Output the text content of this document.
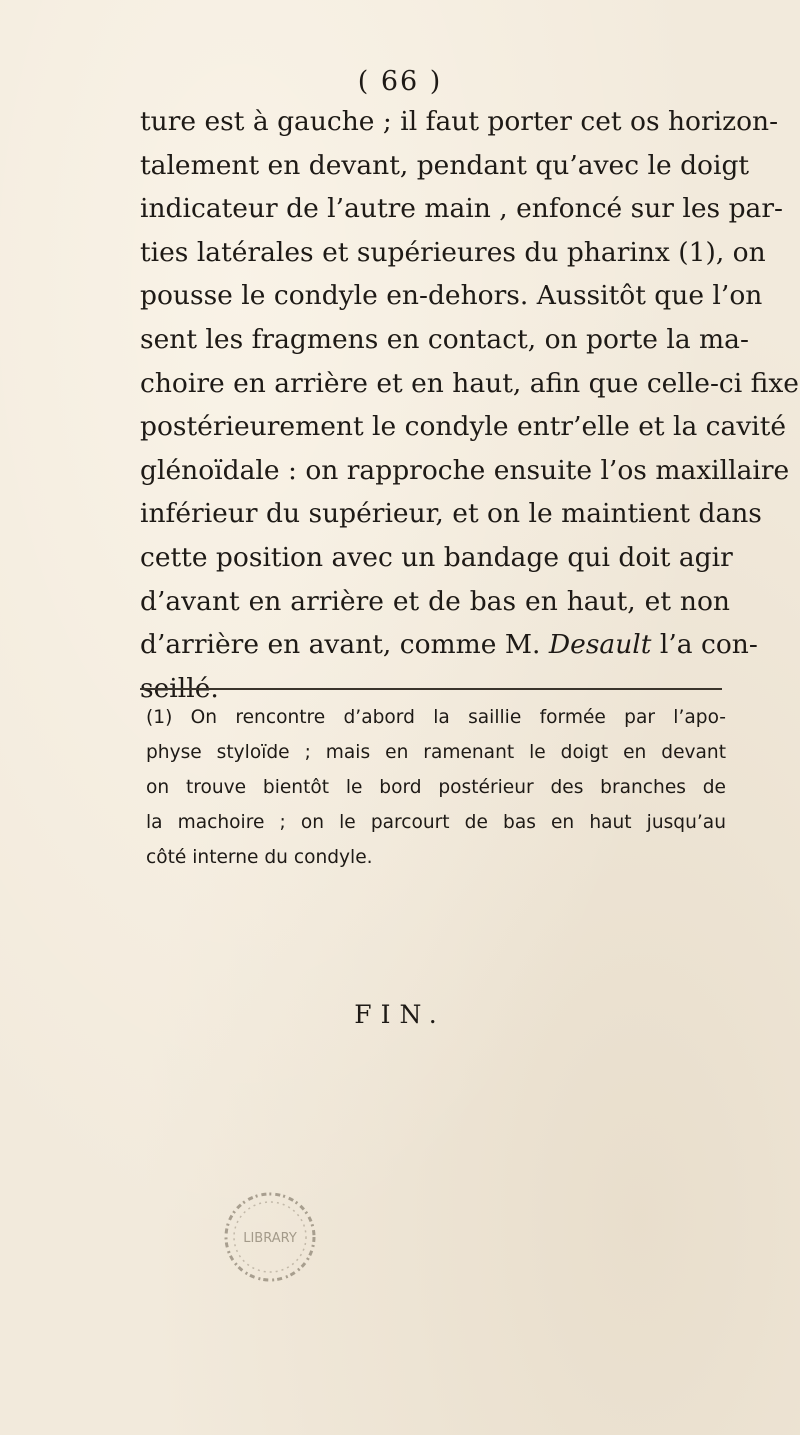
( 66 )
ture est à gauche ; il faut porter cet os horizon-
talement en devant, pendant qu’avec le doigt
indicateur de l’autre main , enfoncé sur les par-
ties latérales et supérieures du pharinx (1), on
pousse le condyle en-dehors. Aussitôt que l’on
sent les fragmens en contact, on porte la ma-
choire en arrière et en haut, afin que celle-ci fixe
postérieurement le condyle entr’elle et la cavité
glénoïdale : on rapproche ensuite l’os maxillaire
inférieur du supérieur, et on le maintient dans
cette position avec un bandage qui doit agir
d’avant en arrière et de bas en haut, et non
d’arrière en avant, comme M. Desault l’a con-
seillé.
(1) On rencontre d’abord la saillie formée par l’apo-
physe styloïde ; mais en ramenant le doigt en devant
on trouve bientôt le bord postérieur des branches de
la machoire ; on le parcourt de bas en haut jusqu’au
côté interne du condyle.
FIN.
LIBRARY
